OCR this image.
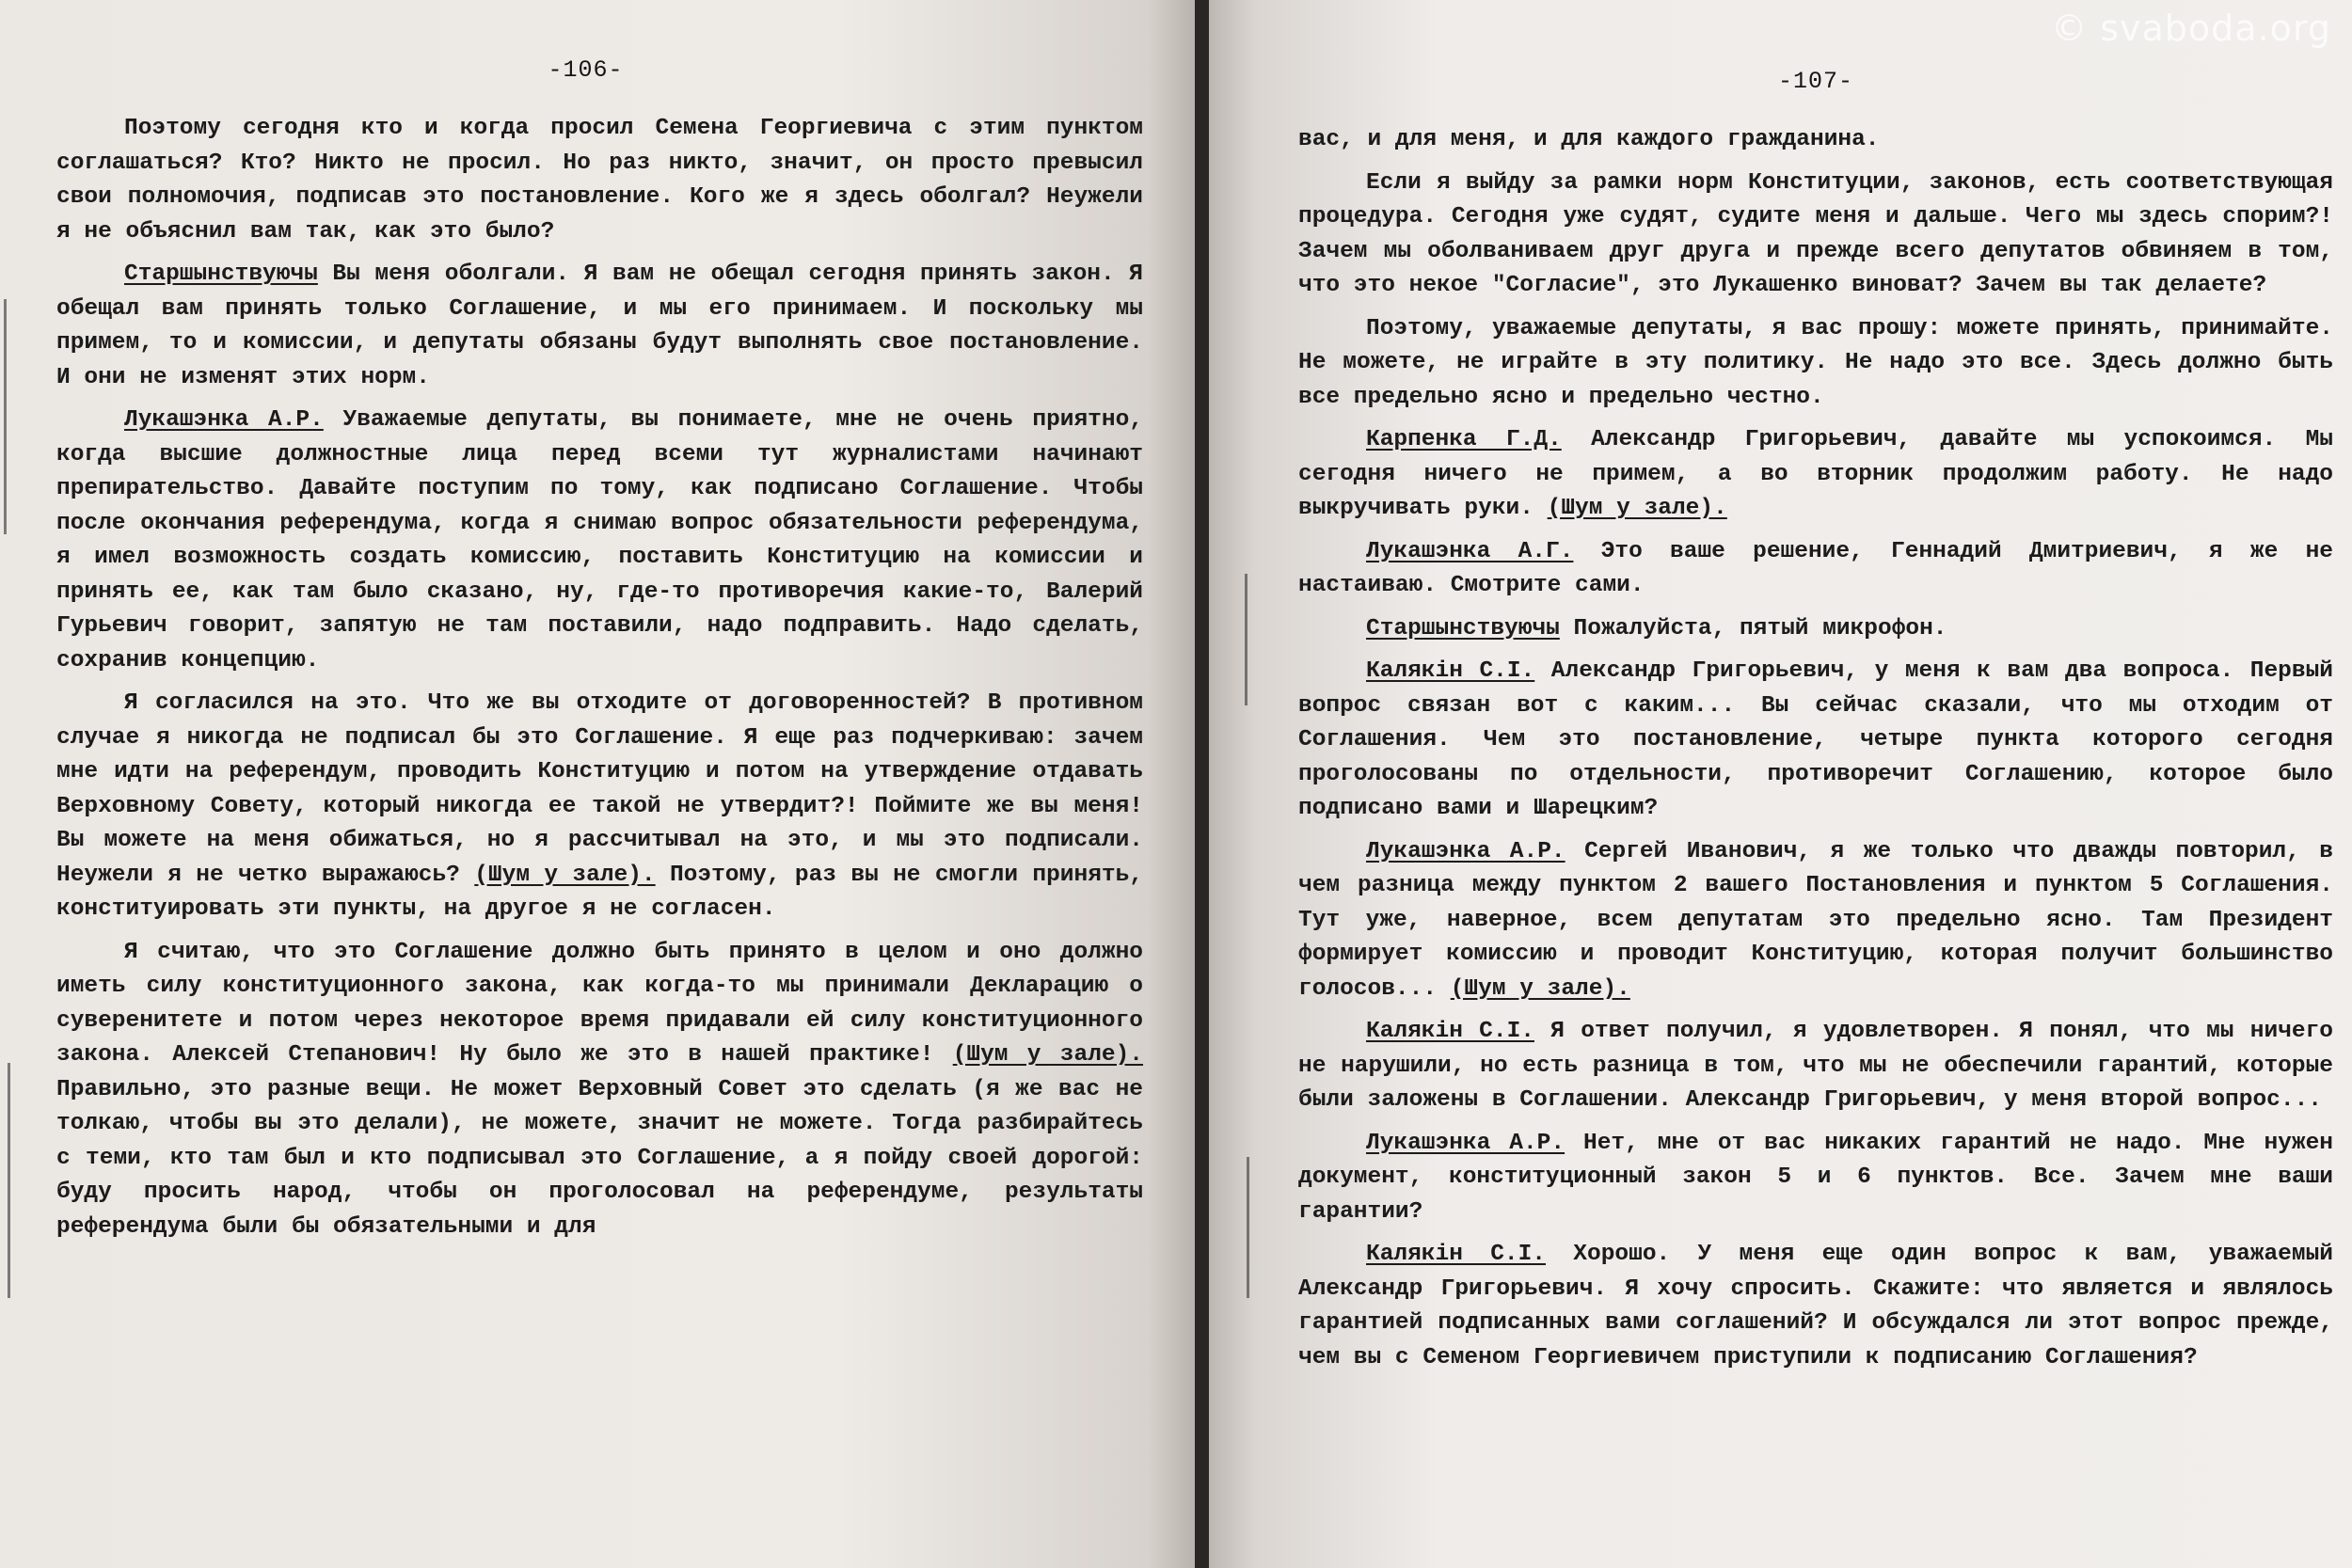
-106-

Поэтому сегодня кто и когда просил Семена Георгиевича с этим пунктом соглашаться? Кто? Никто не просил. Но раз никто, значит, он просто превысил свои полномочия, подписав это постановление. Кого же я здесь оболгал? Неужели я не объяснил вам так, как это было?

Старшынствуючы Вы меня оболгали. Я вам не обещал сегодня принять закон. Я обещал вам принять только Соглашение, и мы его принимаем. И поскольку мы примем, то и комиссии, и депутаты обязаны будут выполнять свое постановление. И они не изменят этих норм.

Лукашэнка А.Р. Уважаемые депутаты, вы понимаете, мне не очень приятно, когда высшие должностные лица перед всеми тут журналистами начинают препирательство. Давайте поступим по тому, как подписано Соглашение. Чтобы после окончания референдума, когда я снимаю вопрос обязательности референдума, я имел возможность создать комиссию, поставить Конституцию на комиссии и принять ее, как там было сказано, ну, где-то противоречия какие-то, Валерий Гурьевич говорит, запятую не там поставили, надо подправить. Надо сделать, сохранив концепцию.

Я согласился на это. Что же вы отходите от договоренностей? В противном случае я никогда не подписал бы это Соглашение. Я еще раз подчеркиваю: зачем мне идти на референдум, проводить Конституцию и потом на утверждение отдавать Верховному Совету, который никогда ее такой не утвердит?! Поймите же вы меня! Вы можете на меня обижаться, но я рассчитывал на это, и мы это подписали. Неужели я не четко выражаюсь? (Шум у зале). Поэтому, раз вы не смогли принять, конституировать эти пункты, на другое я не согласен.

Я считаю, что это Соглашение должно быть принято в целом и оно должно иметь силу конституционного закона, как когда-то мы принимали Декларацию о суверенитете и потом через некоторое время придавали ей силу конституционного закона. Алексей Степанович! Ну было же это в нашей практике! (Шум у зале). Правильно, это разные вещи. Не может Верховный Совет это сделать (я же вас не толкаю, чтобы вы это делали), не можете, значит не можете. Тогда разбирайтесь с теми, кто там был и кто подписывал это Соглашение, а я пойду своей дорогой: буду просить народ, чтобы он проголосовал на референдуме, результаты референдума были бы обязательными и для

-107-

вас, и для меня, и для каждого гражданина.

Если я выйду за рамки норм Конституции, законов, есть соответствующая процедура. Сегодня уже судят, судите меня и дальше. Чего мы здесь спорим?! Зачем мы оболваниваем друг друга и прежде всего депутатов обвиняем в том, что это некое "Согласие", это Лукашенко виноват? Зачем вы так делаете?

Поэтому, уважаемые депутаты, я вас прошу: можете принять, принимайте. Не можете, не играйте в эту политику. Не надо это все. Здесь должно быть все предельно ясно и предельно честно.

Карпенка Г.Д. Александр Григорьевич, давайте мы успокоимся. Мы сегодня ничего не примем, а во вторник продолжим работу. Не надо выкручивать руки. (Шум у зале).

Лукашэнка А.Г. Это ваше решение, Геннадий Дмитриевич, я же не настаиваю. Смотрите сами.

Старшынствуючы Пожалуйста, пятый микрофон.

Калякін С.І. Александр Григорьевич, у меня к вам два вопроса. Первый вопрос связан вот с каким... Вы сейчас сказали, что мы отходим от Соглашения. Чем это постановление, четыре пункта которого сегодня проголосованы по отдельности, противоречит Соглашению, которое было подписано вами и Шарецким?

Лукашэнка А.Р. Сергей Иванович, я же только что дважды повторил, в чем разница между пунктом 2 вашего Постановления и пунктом 5 Соглашения. Тут уже, наверное, всем депутатам это предельно ясно. Там Президент формирует комиссию и проводит Конституцию, которая получит большинство голосов... (Шум у зале).

Калякін С.І. Я ответ получил, я удовлетворен. Я понял, что мы ничего не нарушили, но есть разница в том, что мы не обеспечили гарантий, которые были заложены в Соглашении. Александр Григорьевич, у меня второй вопрос...

Лукашэнка А.Р. Нет, мне от вас никаких гарантий не надо. Мне нужен документ, конституционный закон 5 и 6 пунктов. Все. Зачем мне ваши гарантии?

Калякін С.І. Хорошо. У меня еще один вопрос к вам, уважаемый Александр Григорьевич. Я хочу спросить. Скажите: что является и являлось гарантией подписанных вами соглашений? И обсуждался ли этот вопрос прежде, чем вы с Семеном Георгиевичем приступили к подписанию Соглашения?

© svaboda.org
